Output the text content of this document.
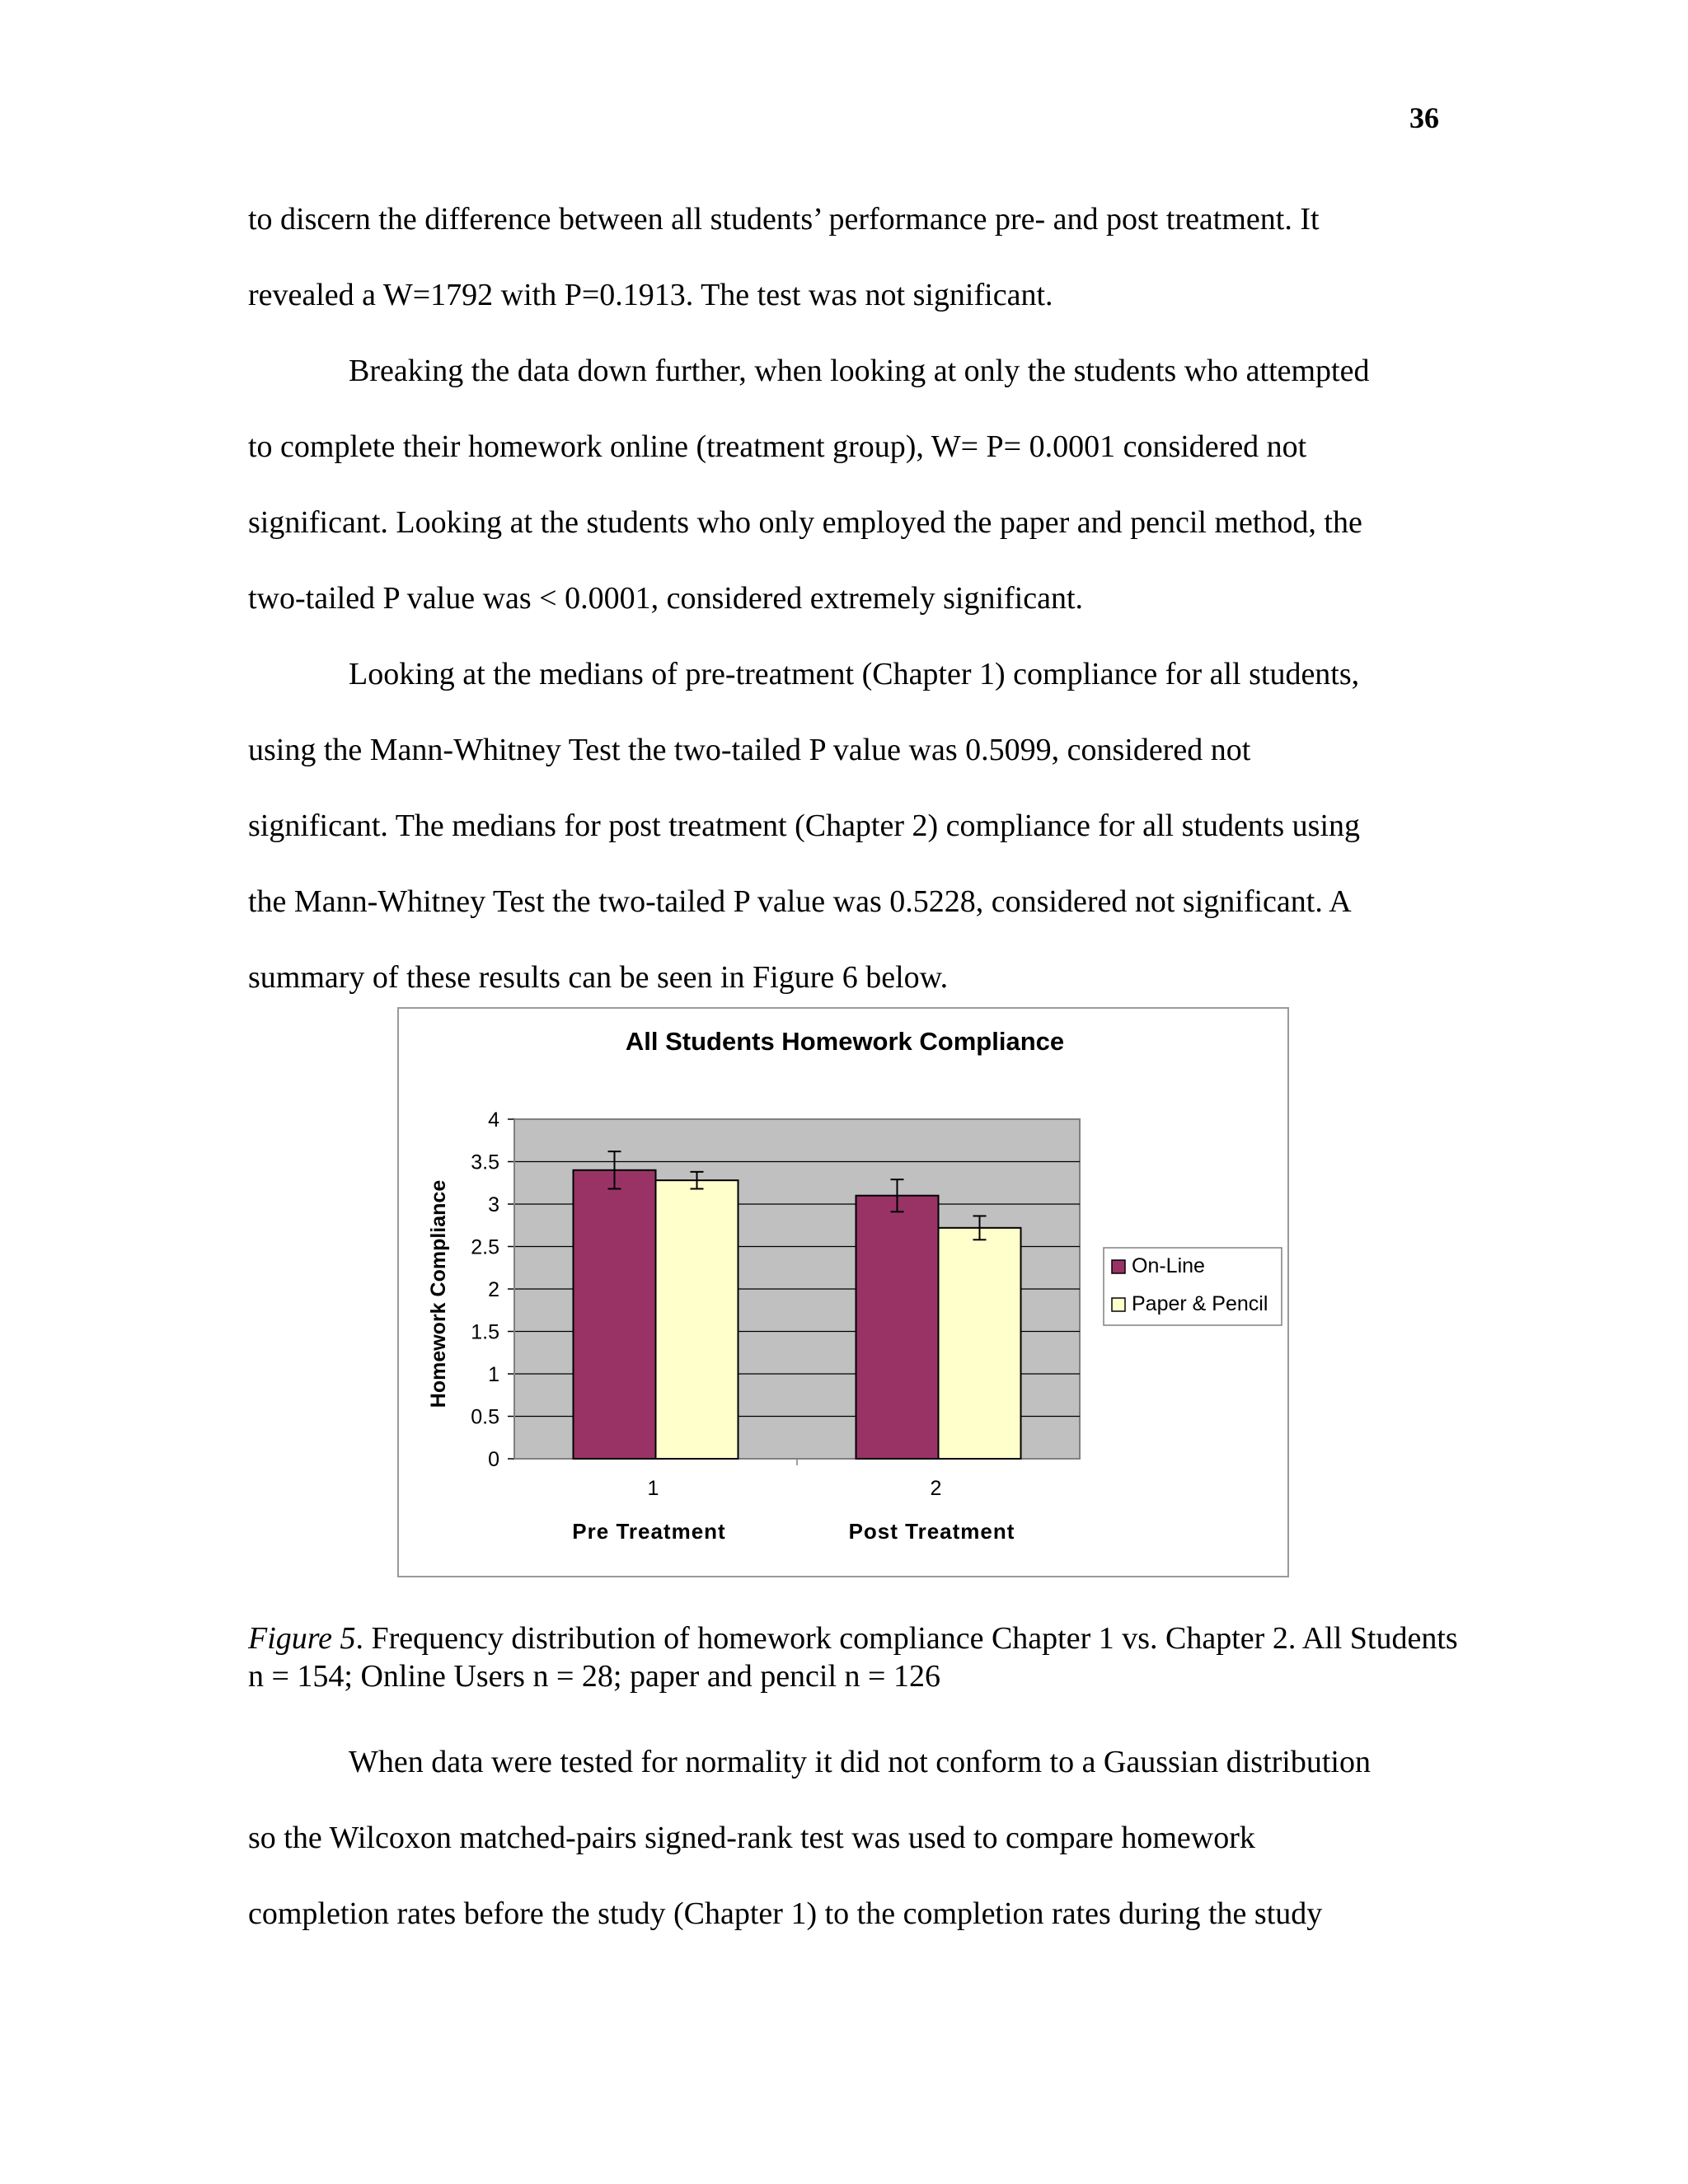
36

to discern the difference between all students’ performance pre- and post treatment. It
revealed a W=1792 with P=0.1913. The test was not significant.

Breaking the data down further, when looking at only the students who attempted
to complete their homework online (treatment group), W= P= 0.0001 considered not
significant. Looking at the students who only employed the paper and pencil method, the
two-tailed P value was < 0.0001, considered extremely significant.

Looking at the medians of pre-treatment (Chapter 1) compliance for all students,
using the Mann-Whitney Test the two-tailed P value was 0.5099, considered not
significant. The medians for post treatment (Chapter 2) compliance for all students using
the Mann-Whitney Test the two-tailed P value was 0.5228, considered not significant. A
summary of these results can be seen in Figure 6 below.

All Students Homework Compliance
0
0.5
1
1.5
2
2.5
3
3.5
4
Homework Compliance
1
Pre Treatment
2
Post Treatment
On-Line
Paper & Pencil
Figure 5. Frequency distribution of homework compliance Chapter 1 vs. Chapter 2. All Students n = 154; Online Users n = 28; paper and pencil n = 126

When data were tested for normality it did not conform to a Gaussian distribution
so the Wilcoxon matched-pairs signed-rank test was used to compare homework
completion rates before the study (Chapter 1) to the completion rates during the study
